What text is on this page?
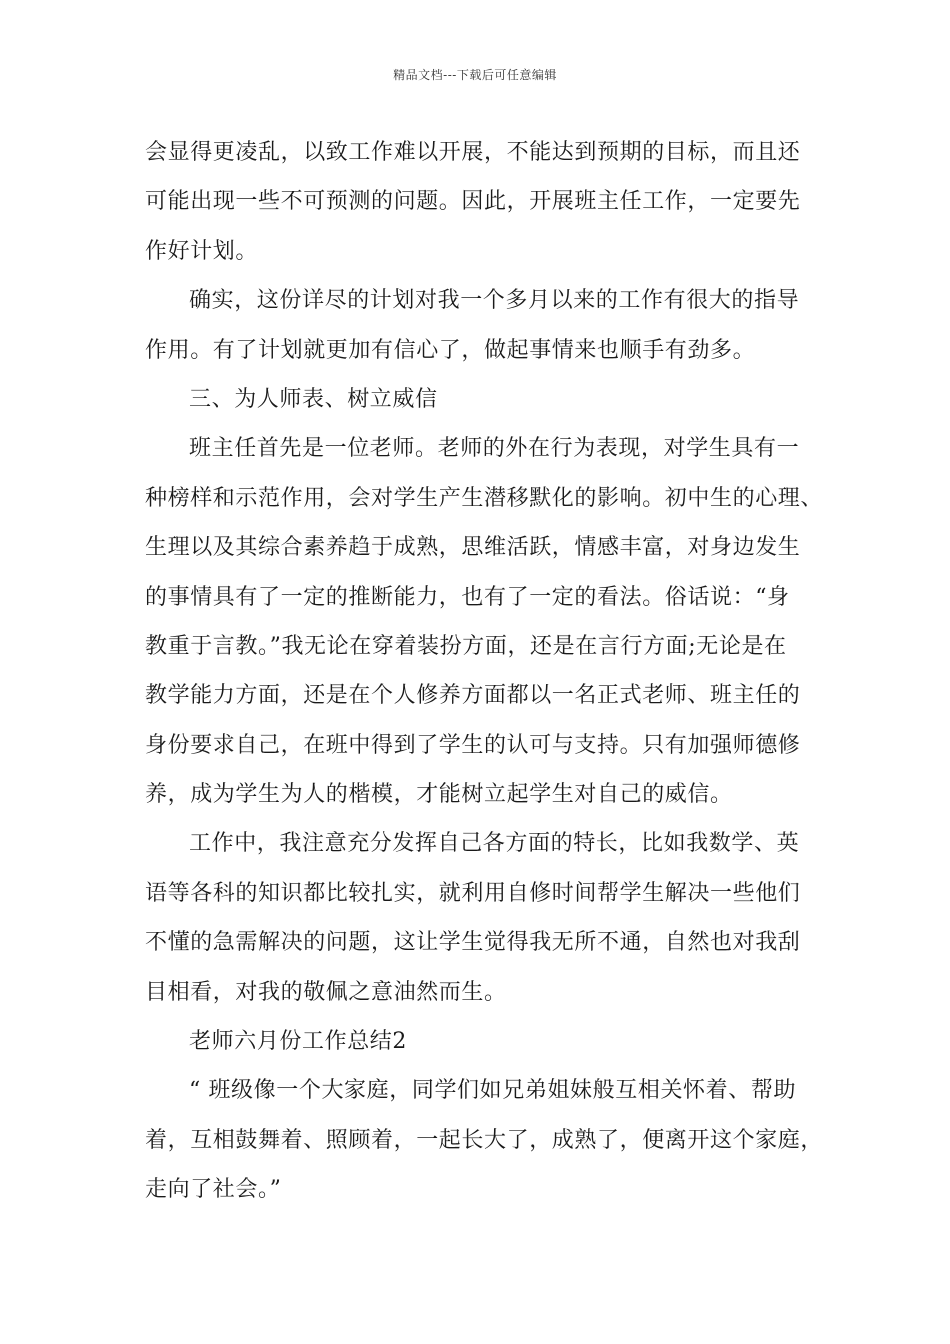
精品文档---下载后可任意编辑
会显得更凌乱，以致工作难以开展，不能达到预期的目标，而且还
可能出现一些不可预测的问题。因此，开展班主任工作，一定要先
作好计划。
确实，这份详尽的计划对我一个多月以来的工作有很大的指导
作用。有了计划就更加有信心了，做起事情来也顺手有劲多。
三、为人师表、树立威信
班主任首先是一位老师。老师的外在行为表现，对学生具有一
种榜样和示范作用，会对学生产生潜移默化的影响。初中生的心理、
生理以及其综合素养趋于成熟，思维活跃，情感丰富，对身边发生
的事情具有了一定的推断能力，也有了一定的看法。俗话说：“身
教重于言教。”我无论在穿着装扮方面，还是在言行方面;无论是在
教学能力方面，还是在个人修养方面都以一名正式老师、班主任的
身份要求自己，在班中得到了学生的认可与支持。只有加强师德修
养，成为学生为人的楷模，才能树立起学生对自己的威信。
工作中，我注意充分发挥自己各方面的特长，比如我数学、英
语等各科的知识都比较扎实，就利用自修时间帮学生解决一些他们
不懂的急需解决的问题，这让学生觉得我无所不通，自然也对我刮
目相看，对我的敬佩之意油然而生。
老师六月份工作总结2
“ 班级像一个大家庭，同学们如兄弟姐妹般互相关怀着、帮助
着，互相鼓舞着、照顾着，一起长大了，成熟了，便离开这个家庭，
走向了社会。”
